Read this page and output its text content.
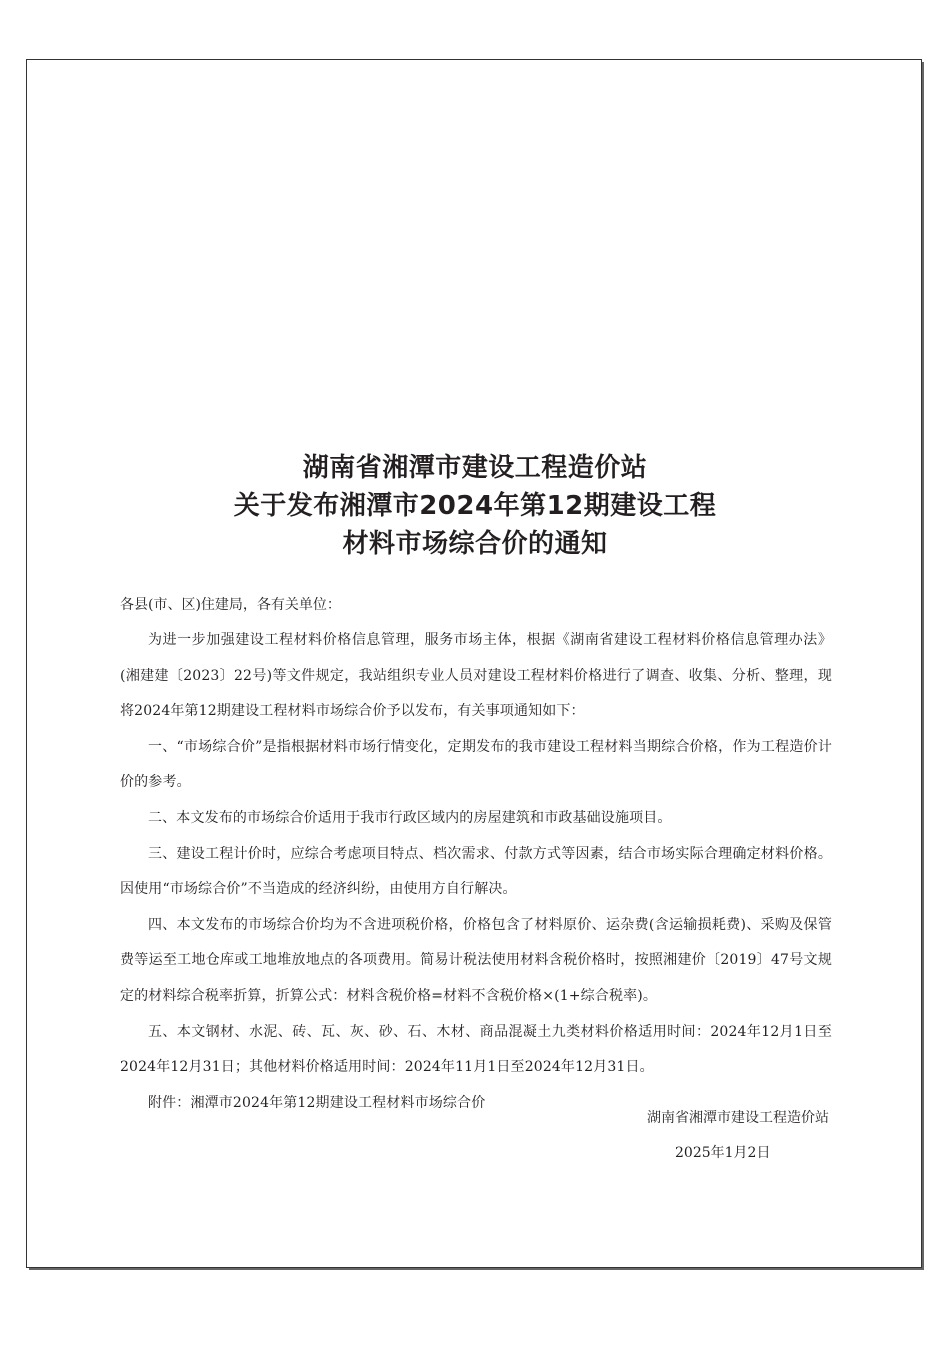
湖南省湘潭市建设工程造价站
关于发布湘潭市2024年第12期建设工程
材料市场综合价的通知
各县(市、区)住建局，各有关单位：

为进一步加强建设工程材料价格信息管理，服务市场主体，根据《湖南省建设工程材料价格信息管理办法》(湘建建〔2023〕22号)等文件规定，我站组织专业人员对建设工程材料价格进行了调查、收集、分析、整理，现将2024年第12期建设工程材料市场综合价予以发布，有关事项通知如下：

一、“市场综合价”是指根据材料市场行情变化，定期发布的我市建设工程材料当期综合价格，作为工程造价计价的参考。

二、本文发布的市场综合价适用于我市行政区域内的房屋建筑和市政基础设施项目。

三、建设工程计价时，应综合考虑项目特点、档次需求、付款方式等因素，结合市场实际合理确定材料价格。因使用“市场综合价”不当造成的经济纠纷，由使用方自行解决。

四、本文发布的市场综合价均为不含进项税价格，价格包含了材料原价、运杂费(含运输损耗费)、采购及保管费等运至工地仓库或工地堆放地点的各项费用。简易计税法使用材料含税价格时，按照湘建价〔2019〕47号文规定的材料综合税率折算，折算公式：材料含税价格=材料不含税价格×(1+综合税率)。

五、本文钢材、水泥、砖、瓦、灰、砂、石、木材、商品混凝土九类材料价格适用时间：2024年12月1日至2024年12月31日；其他材料价格适用时间：2024年11月1日至2024年12月31日。

附件：湘潭市2024年第12期建设工程材料市场综合价

湖南省湘潭市建设工程造价站
2025年1月2日
